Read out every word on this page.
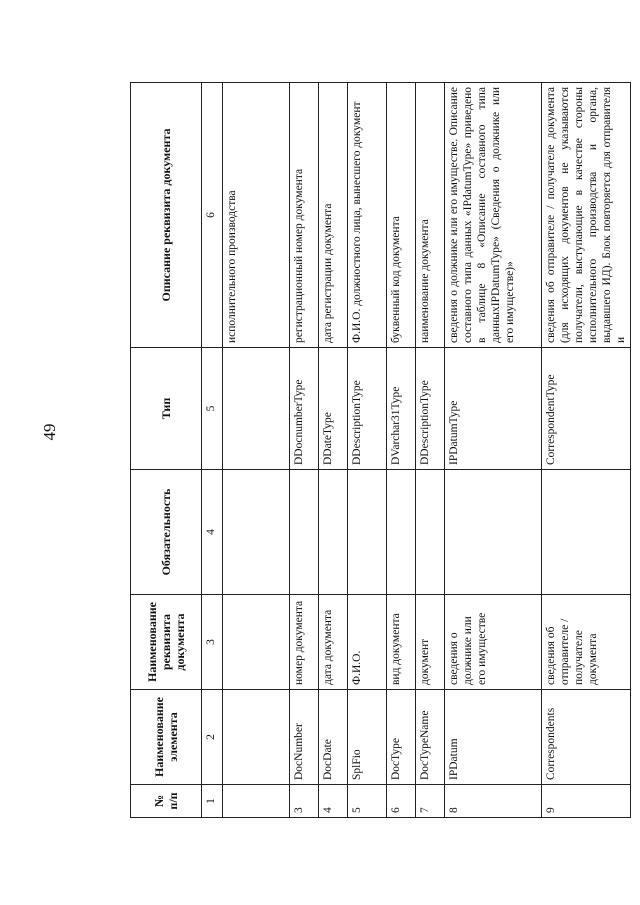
49
№ п/п	Наименование элемента	Наименование реквизита документа	Обязательность	Тип	Описание реквизита документа
1	2	3	4	5	6
					исполнительного производства
3	DocNumber	номер документа		DDocnumberType	регистрационный номер документа
4	DocDate	дата документа		DDateType	дата регистрации документа
5	SplFio	Ф.И.О.		DDescriptionType	Ф.И.О. должностного лица, вынесшего документ
6	DocType	вид документа		DVarchar31Type	буквенный код документа
7	DocTypeName	документ		DDescriptionType	наименование документа
8	IPDatum	сведения о должнике или его имуществе		IPDatumType	сведения о должнике или его имуществе. Описание составного типа данных «IPdatumType» приведено в таблице 8 «Описание составного типа данныхIPDatumType» (Сведения о должнике или его имуществе)»
9	Correspondents	сведения об отправителе / получателе документа		CorrespondentType	сведения об отправителе / получателе документа (для исходящих документов не указываются получатели, выступающие в качестве стороны исполнительного производства и органа, выдавшего ИД). Блок повторяется для отправителя и
